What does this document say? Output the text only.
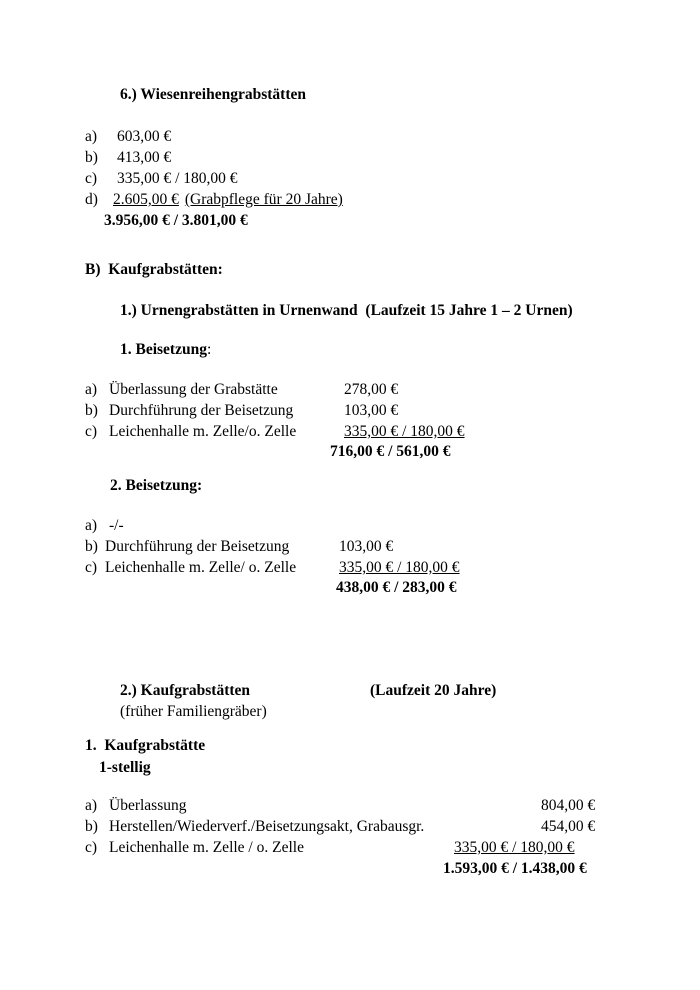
6.) Wiesenreihengrabstätten
a) 603,00 €
b) 413,00 €
c) 335,00 € / 180,00 €
d) 2.605,00 € (Grabpflege für 20 Jahre)
3.956,00 € / 3.801,00 €
B)  Kaufgrabstätten:
1.) Urnengrabstätten in Urnenwand  (Laufzeit 15 Jahre 1 – 2 Urnen)
1. Beisetzung:
a) Überlassung der Grabstätte	278,00 €
b) Durchführung der Beisetzung	103,00 €
c) Leichenhalle m. Zelle/o. Zelle	335,00 € / 180,00 €
716,00 € / 561,00 €
2. Beisetzung:
a) -/-
b) Durchführung der Beisetzung	103,00 €
c) Leichenhalle m. Zelle/ o. Zelle	335,00 € / 180,00 €
438,00 € / 283,00 €
2.) Kaufgrabstätten	(Laufzeit 20 Jahre)
(früher Familiengräber)
1.  Kaufgrabstätte
1-stellig
a) Überlassung	804,00 €
b) Herstellen/Wiederverf./Beisetzungsakt, Grabausgr.	454,00 €
c) Leichenhalle m. Zelle / o. Zelle	335,00 € / 180,00 €
1.593,00 € / 1.438,00 €
